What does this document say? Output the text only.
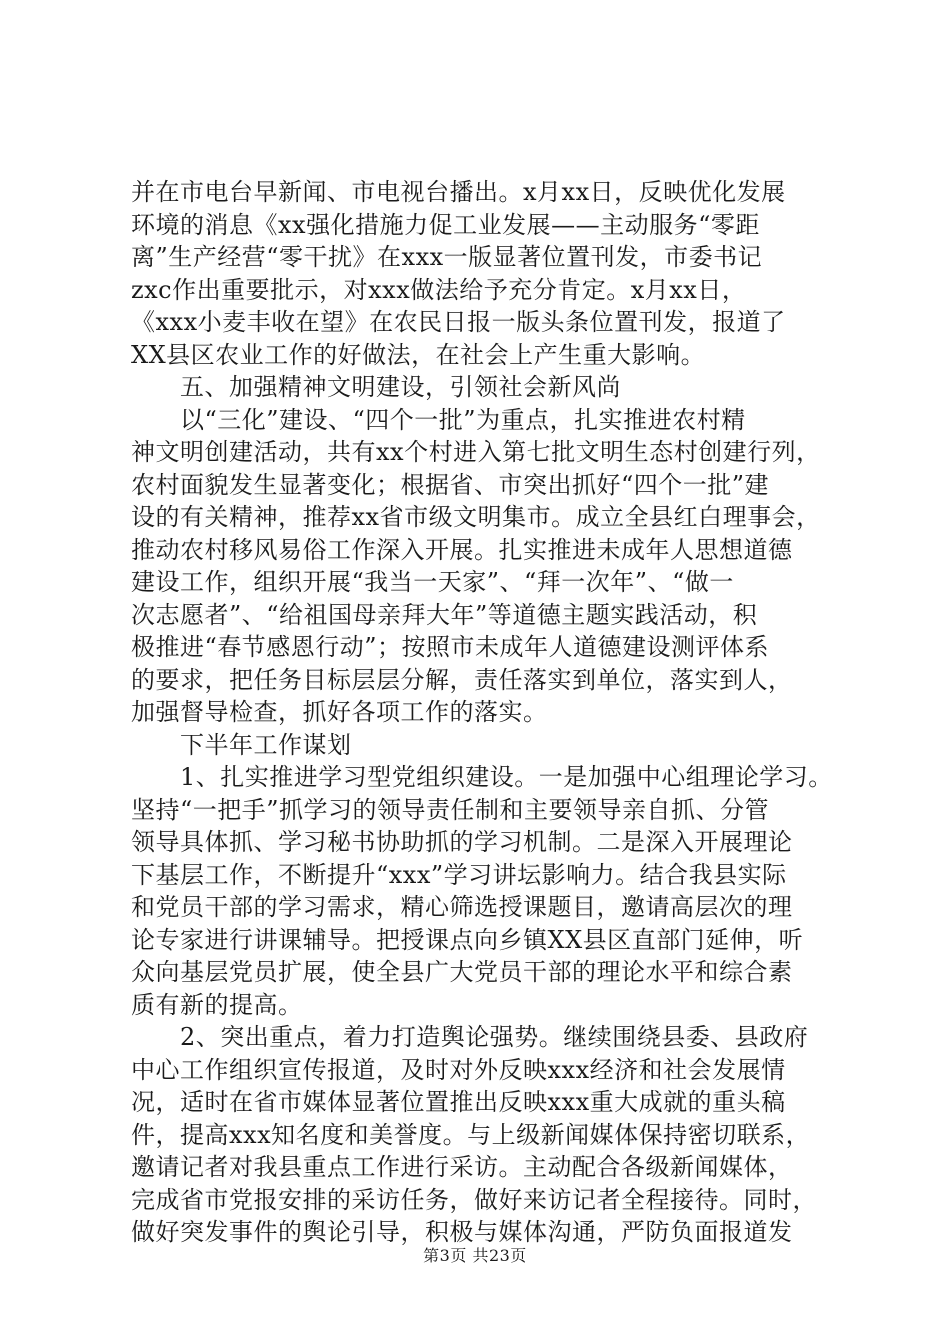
并在市电台早新闻、市电视台播出。x月xx日，反映优化发展
环境的消息《xx强化措施力促工业发展——主动服务“零距
离”生产经营“零干扰》在xxx一版显著位置刊发，市委书记
zxc作出重要批示，对xxx做法给予充分肯定。x月xx日，
《xxx小麦丰收在望》在农民日报一版头条位置刊发，报道了
XX县区农业工作的好做法，在社会上产生重大影响。
　　五、加强精神文明建设，引领社会新风尚
　　以“三化”建设、“四个一批”为重点，扎实推进农村精
神文明创建活动，共有xx个村进入第七批文明生态村创建行列，
农村面貌发生显著变化；根据省、市突出抓好“四个一批”建
设的有关精神，推荐xx省市级文明集市。成立全县红白理事会，
推动农村移风易俗工作深入开展。扎实推进未成年人思想道德
建设工作，组织开展“我当一天家”、“拜一次年”、“做一
次志愿者”、“给祖国母亲拜大年”等道德主题实践活动，积
极推进“春节感恩行动”；按照市未成年人道德建设测评体系
的要求，把任务目标层层分解，责任落实到单位，落实到人，
加强督导检查，抓好各项工作的落实。
　　下半年工作谋划
　　1、扎实推进学习型党组织建设。一是加强中心组理论学习。
坚持“一把手”抓学习的领导责任制和主要领导亲自抓、分管
领导具体抓、学习秘书协助抓的学习机制。二是深入开展理论
下基层工作，不断提升“xxx”学习讲坛影响力。结合我县实际
和党员干部的学习需求，精心筛选授课题目，邀请高层次的理
论专家进行讲课辅导。把授课点向乡镇XX县区直部门延伸，听
众向基层党员扩展，使全县广大党员干部的理论水平和综合素
质有新的提高。
　　2、突出重点，着力打造舆论强势。继续围绕县委、县政府
中心工作组织宣传报道，及时对外反映xxx经济和社会发展情
况，适时在省市媒体显著位置推出反映xxx重大成就的重头稿
件，提高xxx知名度和美誉度。与上级新闻媒体保持密切联系，
邀请记者对我县重点工作进行采访。主动配合各级新闻媒体，
完成省市党报安排的采访任务，做好来访记者全程接待。同时，
做好突发事件的舆论引导，积极与媒体沟通，严防负面报道发
第3页 共23页
